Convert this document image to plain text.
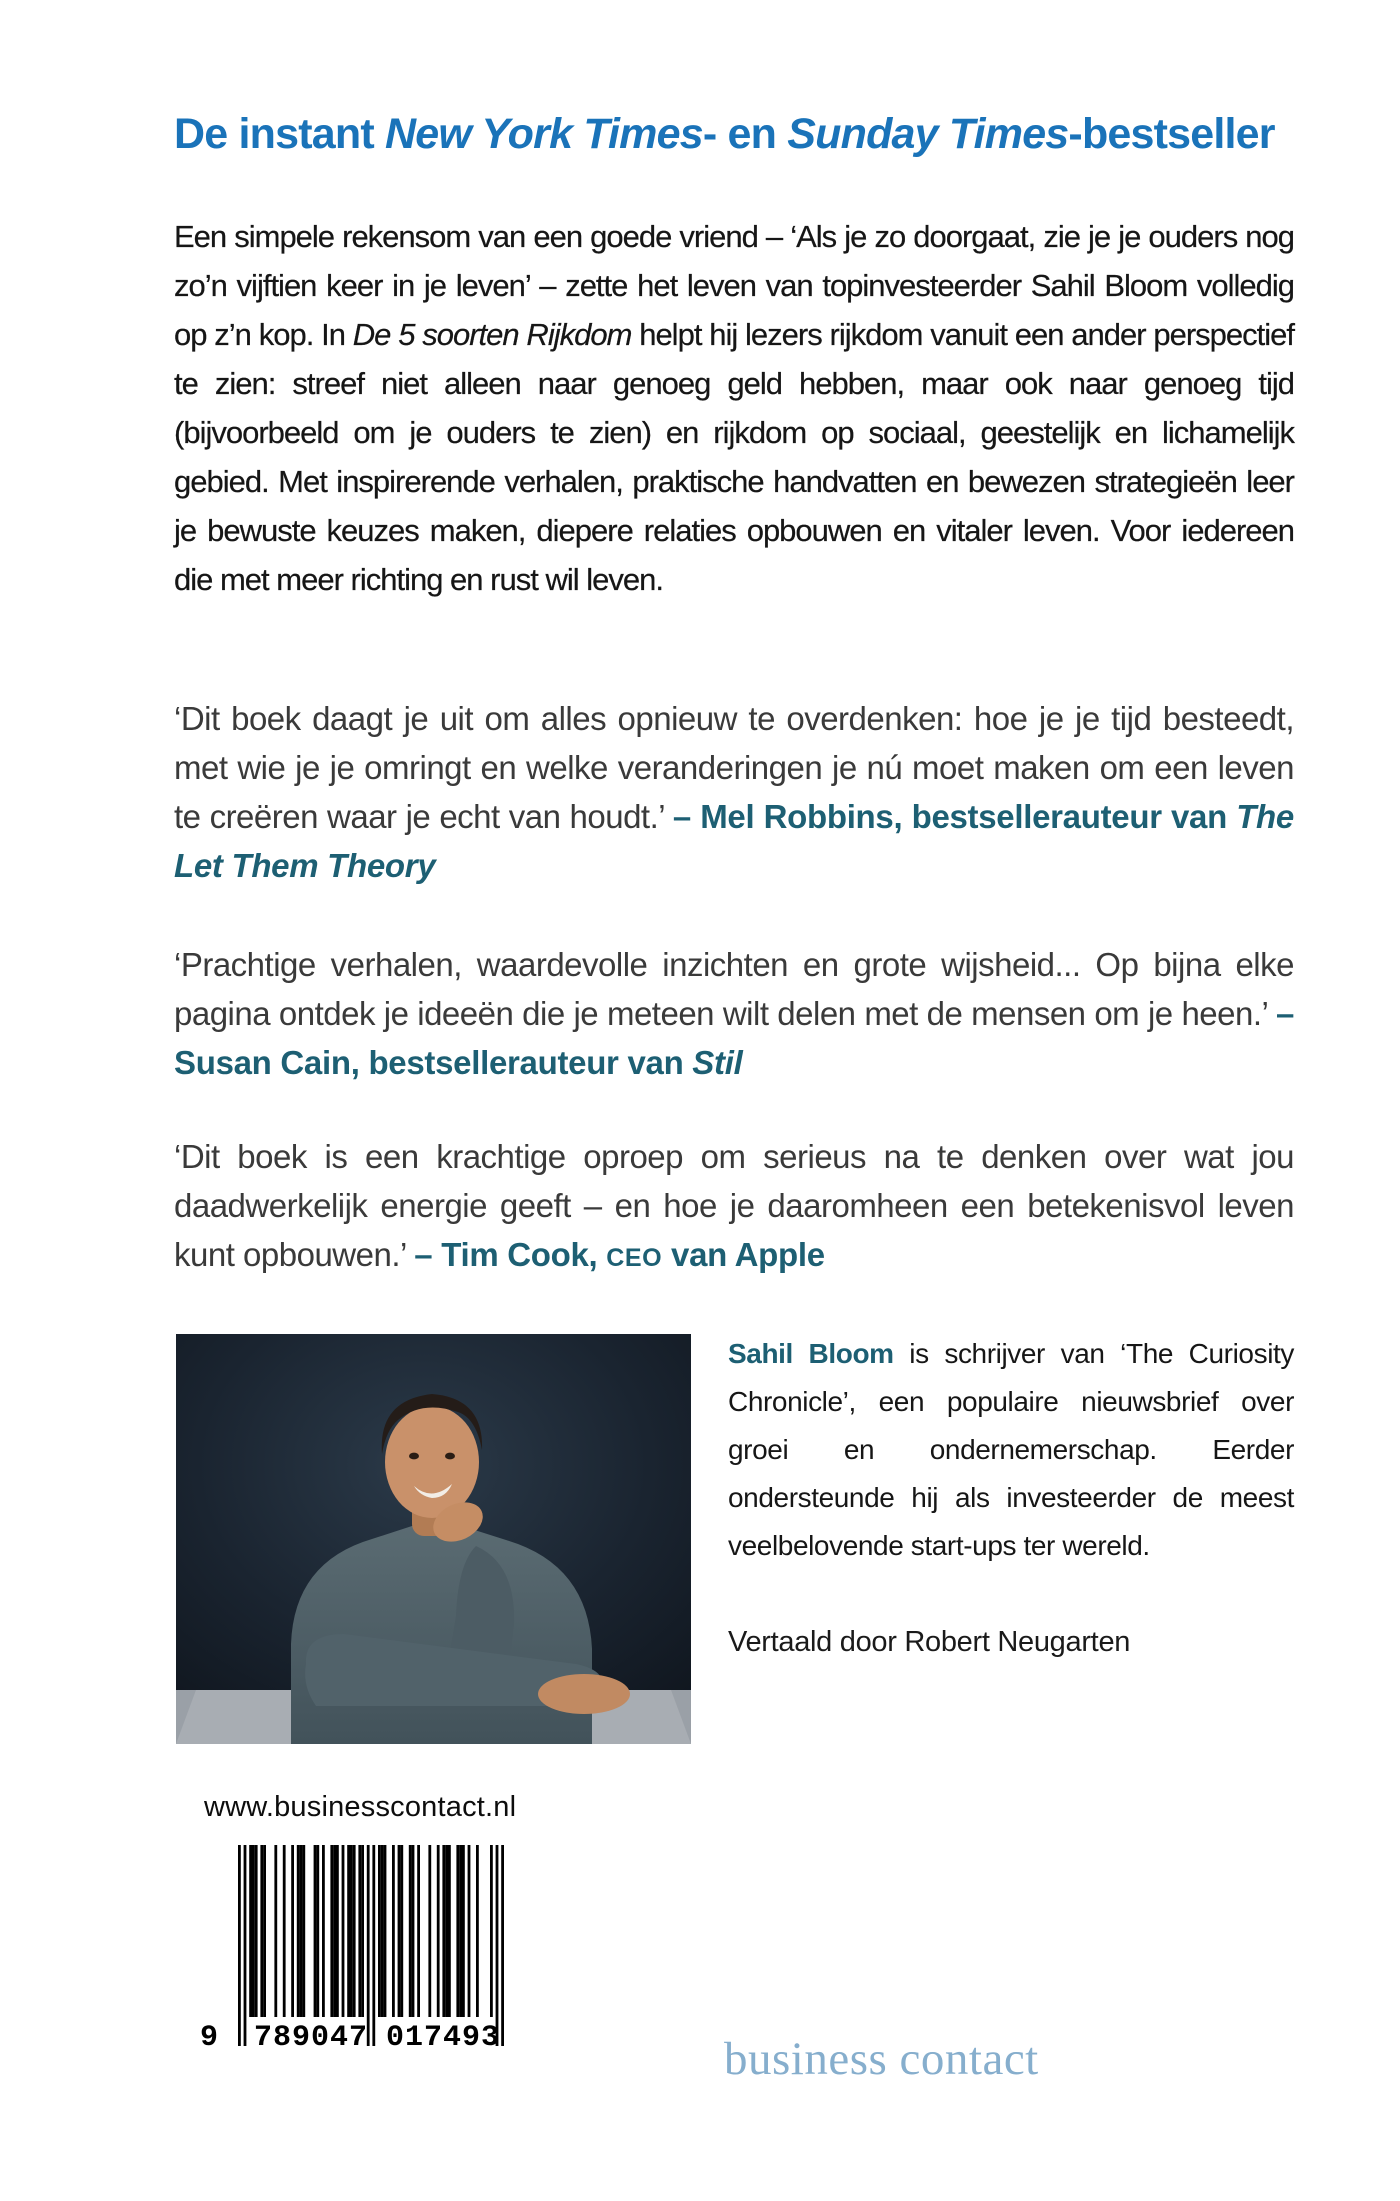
De instant New York Times- en Sunday Times-bestseller

Een simpele rekensom van een goede vriend – ‘Als je zo doorgaat, zie je je ouders nog zo’n vijftien keer in je leven’ – zette het leven van topinvesteerder Sahil Bloom volledig op z’n kop. In De 5 soorten Rijkdom helpt hij lezers rijkdom vanuit een ander perspectief te zien: streef niet alleen naar genoeg geld hebben, maar ook naar genoeg tijd (bijvoorbeeld om je ouders te zien) en rijkdom op sociaal, geestelijk en lichamelijk gebied. Met inspirerende verhalen, praktische handvatten en bewezen strategieën leer je bewuste keuzes maken, diepere relaties opbouwen en vitaler leven. Voor iedereen die met meer richting en rust wil leven.

‘Dit boek daagt je uit om alles opnieuw te overdenken: hoe je je tijd besteedt, met wie je je omringt en welke veranderingen je nú moet maken om een leven te creëren waar je echt van houdt.’ – Mel Robbins, bestsellerauteur van The Let Them Theory

‘Prachtige verhalen, waardevolle inzichten en grote wijsheid... Op bijna elke pagina ontdek je ideeën die je meteen wilt delen met de mensen om je heen.’ – Susan Cain, bestsellerauteur van Stil

‘Dit boek is een krachtige oproep om serieus na te denken over wat jou daadwerkelijk energie geeft – en hoe je daaromheen een betekenisvol leven kunt opbouwen.’ – Tim Cook, CEO van Apple

Sahil Bloom is schrijver van ‘The Curiosity Chronicle’, een populaire nieuwsbrief over groei en ondernemerschap. Eerder ondersteunde hij als investeerder de meest veelbelovende start-ups ter wereld.

Vertaald door Robert Neugarten

www.businesscontact.nl

9 789047 017493	business contact
